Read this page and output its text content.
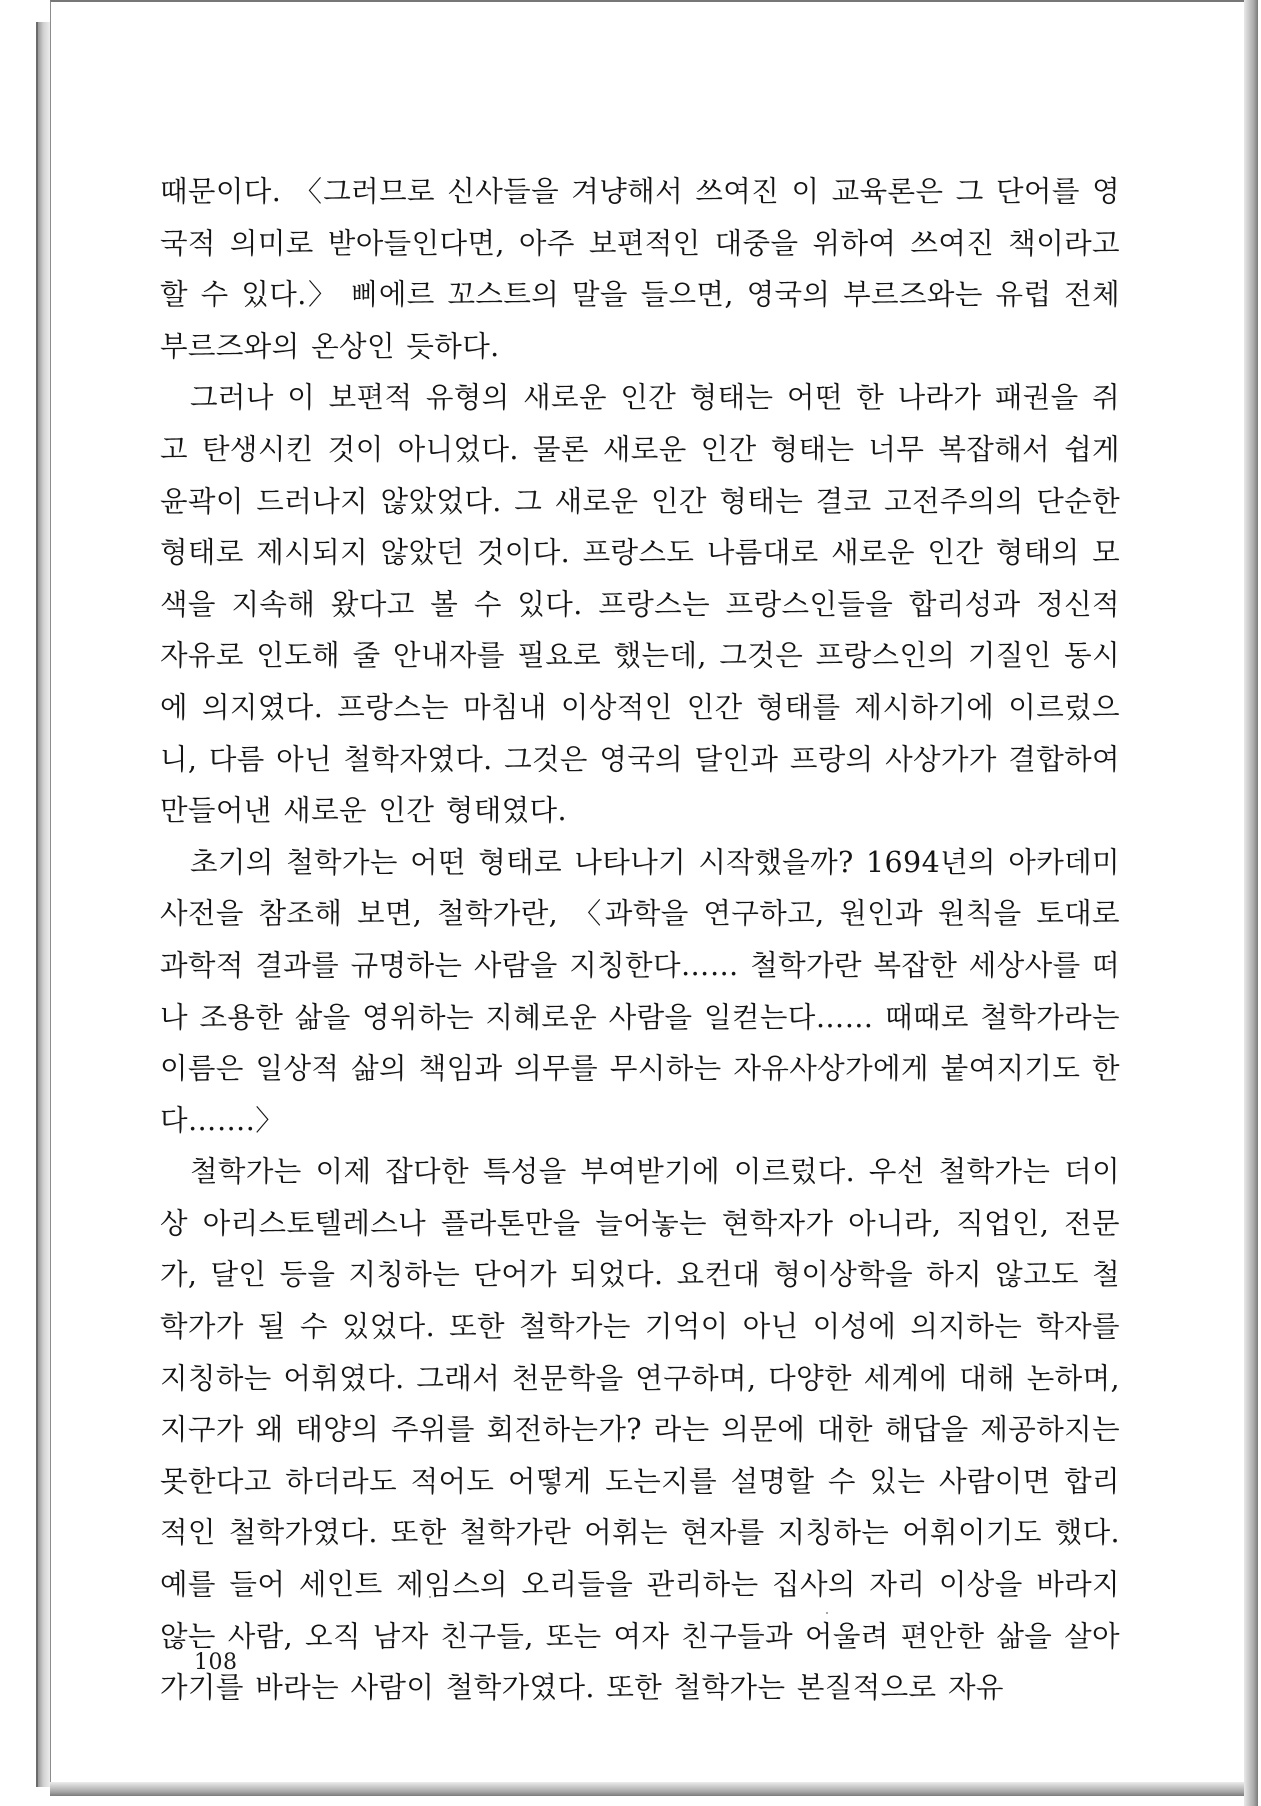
때문이다. 〈그러므로 신사들을 겨냥해서 쓰여진 이 교육론은 그 단어를 영국적 의미로 받아들인다면, 아주 보편적인 대중을 위하여 쓰여진 책이라고 할 수 있다.〉 삐에르 꼬스트의 말을 들으면, 영국의 부르즈와는 유럽 전체 부르즈와의 온상인 듯하다.

그러나 이 보편적 유형의 새로운 인간 형태는 어떤 한 나라가 패권을 쥐고 탄생시킨 것이 아니었다. 물론 새로운 인간 형태는 너무 복잡해서 쉽게 윤곽이 드러나지 않았었다. 그 새로운 인간 형태는 결코 고전주의의 단순한 형태로 제시되지 않았던 것이다. 프랑스도 나름대로 새로운 인간 형태의 모색을 지속해 왔다고 볼 수 있다. 프랑스는 프랑스인들을 합리성과 정신적 자유로 인도해 줄 안내자를 필요로 했는데, 그것은 프랑스인의 기질인 동시에 의지였다. 프랑스는 마침내 이상적인 인간 형태를 제시하기에 이르렀으니, 다름 아닌 철학자였다. 그것은 영국의 달인과 프랑의 사상가가 결합하여 만들어낸 새로운 인간 형태였다.

초기의 철학가는 어떤 형태로 나타나기 시작했을까? 1694년의 아카데미 사전을 참조해 보면, 철학가란, 〈과학을 연구하고, 원인과 원칙을 토대로 과학적 결과를 규명하는 사람을 지칭한다…… 철학가란 복잡한 세상사를 떠나 조용한 삶을 영위하는 지혜로운 사람을 일컫는다…… 때때로 철학가라는 이름은 일상적 삶의 책임과 의무를 무시하는 자유사상가에게 붙여지기도 한다…….〉

철학가는 이제 잡다한 특성을 부여받기에 이르렀다. 우선 철학가는 더이상 아리스토텔레스나 플라톤만을 늘어놓는 현학자가 아니라, 직업인, 전문가, 달인 등을 지칭하는 단어가 되었다. 요컨대 형이상학을 하지 않고도 철학가가 될 수 있었다. 또한 철학가는 기억이 아닌 이성에 의지하는 학자를 지칭하는 어휘였다. 그래서 천문학을 연구하며, 다양한 세계에 대해 논하며, 지구가 왜 태양의 주위를 회전하는가? 라는 의문에 대한 해답을 제공하지는 못한다고 하더라도 적어도 어떻게 도는지를 설명할 수 있는 사람이면 합리적인 철학가였다. 또한 철학가란 어휘는 현자를 지칭하는 어휘이기도 했다. 예를 들어 세인트 제임스의 오리들을 관리하는 집사의 자리 이상을 바라지 않는 사람, 오직 남자 친구들, 또는 여자 친구들과 어울려 편안한 삶을 살아가기를 바라는 사람이 철학가였다. 또한 철학가는 본질적으로 자유

108
